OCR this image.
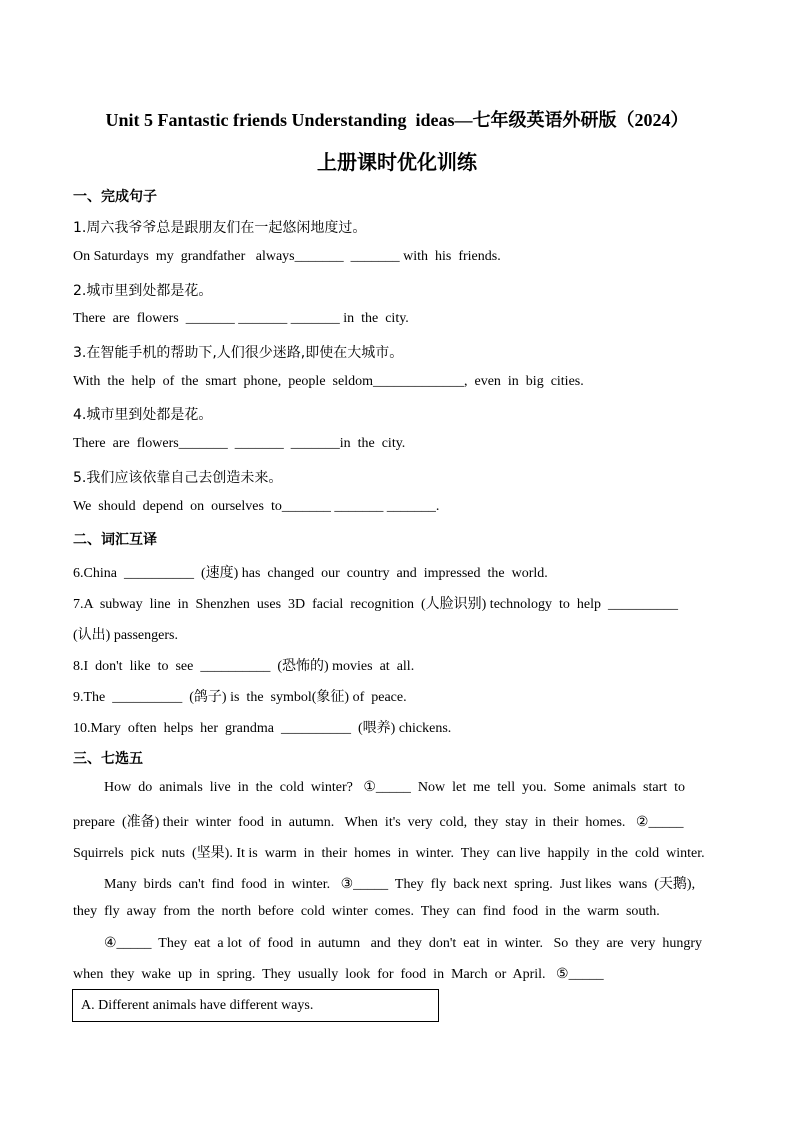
Unit 5 Fantastic friends Understanding  ideas—七年级英语外研版（2024）
上册课时优化训练
一、完成句子
1.周六我爷爷总是跟朋友们在一起悠闲地度过。
On Saturdays  my  grandfather   always_______  _______ with  his  friends.
2.城市里到处都是花。
There  are  flowers  _______ _______ _______ in  the  city.
3.在智能手机的帮助下,人们很少迷路,即使在大城市。
With  the  help  of  the  smart  phone,  people  seldom_____________,  even  in  big  cities.
4.城市里到处都是花。
There  are  flowers_______  _______  _______in  the  city.
5.我们应该依靠自己去创造未来。
We  should  depend  on  ourselves  to_______ _______ _______.
二、词汇互译
6.China  __________  (速度) has  changed  our  country  and  impressed  the  world.
7.A  subway  line  in  Shenzhen  uses  3D  facial  recognition  (人脸识别) technology  to  help  __________
(认出) passengers.
8.I  don't  like  to  see  __________  (恐怖的) movies  at  all.
9.The  __________  (鸽子) is  the  symbol(象征) of  peace.
10.Mary  often  helps  her  grandma  __________  (喂养) chickens.
三、七选五
How  do  animals  live  in  the  cold  winter?   ①_____  Now  let  me  tell  you.  Some  animals  start  to
prepare  (准备) their  winter  food  in  autumn.   When  it's  very  cold,  they  stay  in  their  homes.   ②_____
Squirrels  pick  nuts  (坚果). It is  warm  in  their  homes  in  winter.  They  can live  happily  in the  cold  winter.
Many  birds  can't  find  food  in  winter.   ③_____  They  fly  back next  spring.  Just likes  wans  (天鹅),
they  fly  away  from  the  north  before  cold  winter  comes.  They  can  find  food  in  the  warm  south.
④_____  They  eat  a lot  of  food  in  autumn   and  they  don't  eat  in  winter.   So  they  are  very  hungry
when  they  wake  up  in  spring.  They  usually  look  for  food  in  March  or  April.   ⑤_____
A. Different animals have different ways.
